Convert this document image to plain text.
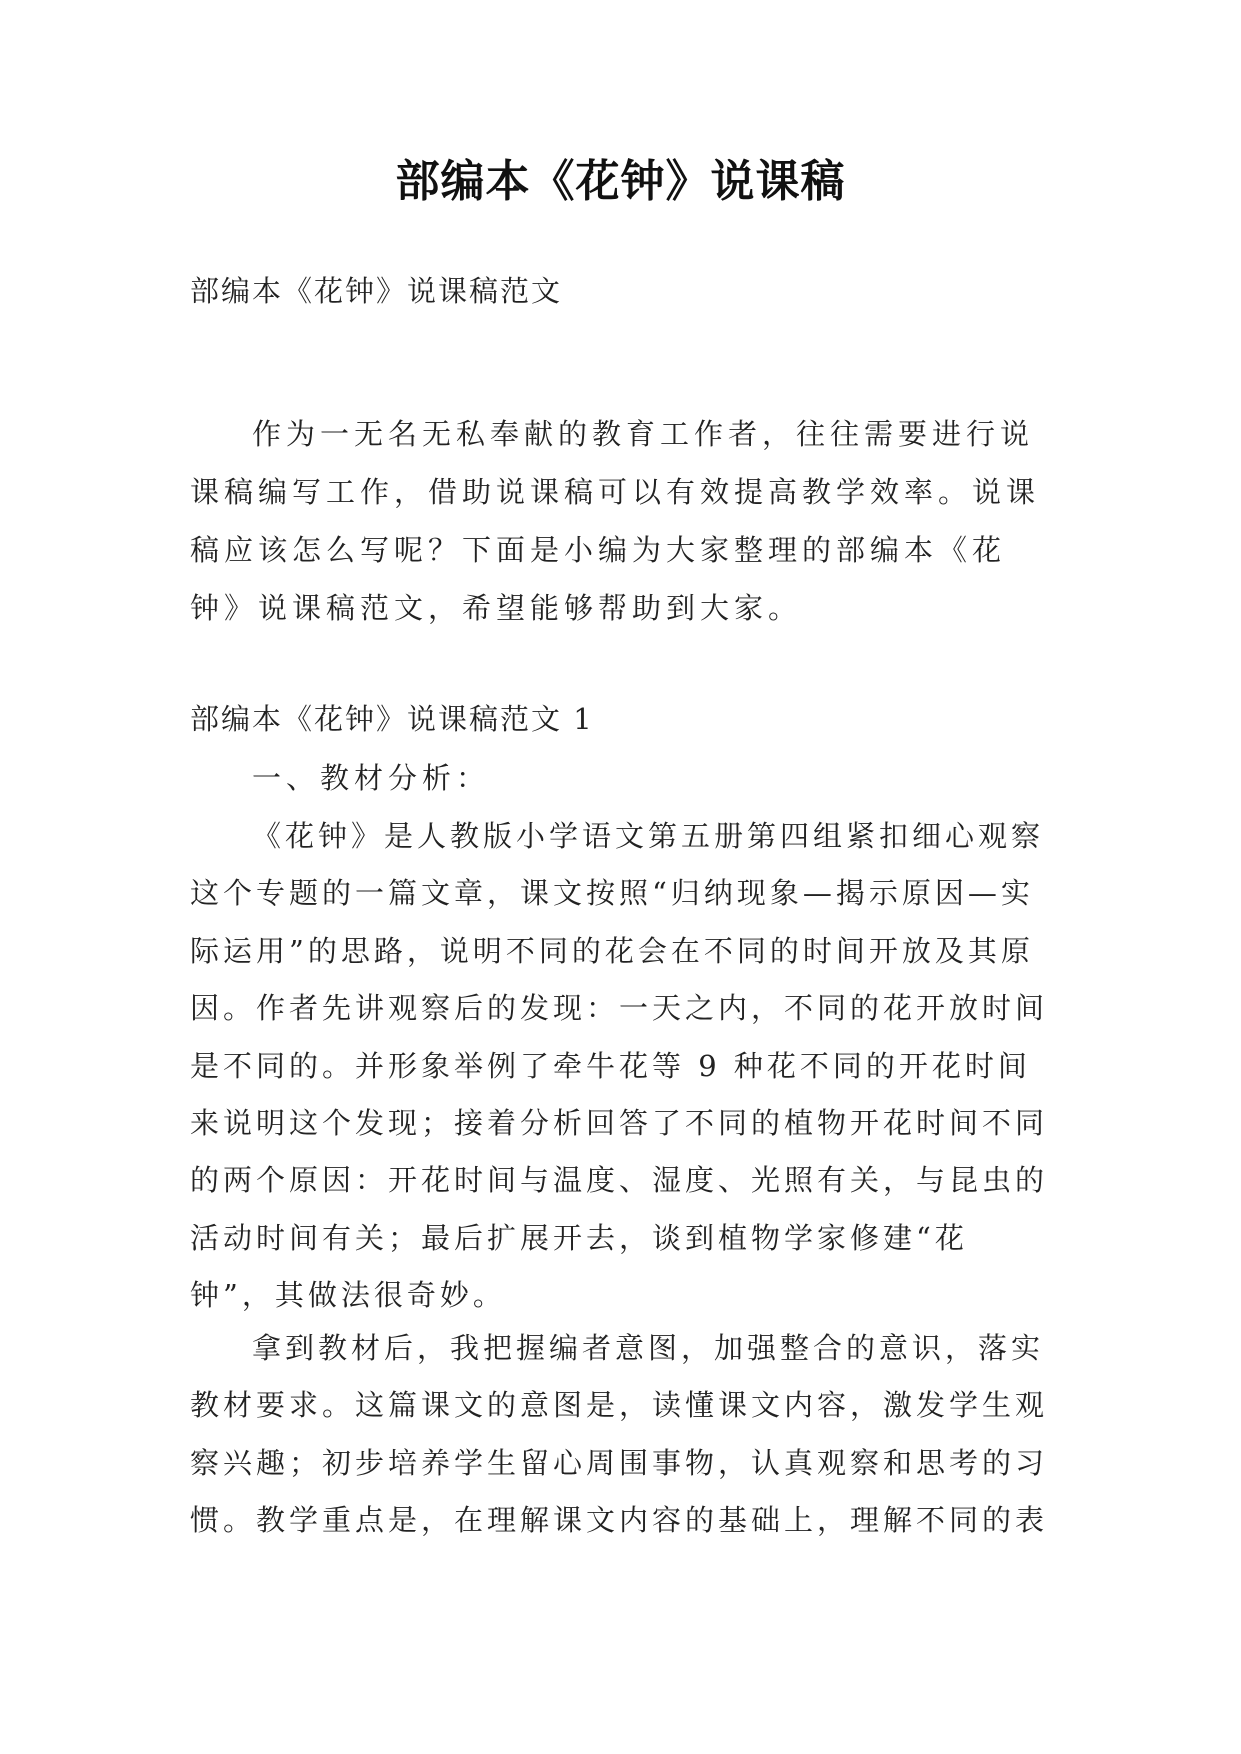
部编本《花钟》说课稿
部编本《花钟》说课稿范文
作为一无名无私奉献的教育工作者，往往需要进行说课稿编写工作，借助说课稿可以有效提高教学效率。说课稿应该怎么写呢？下面是小编为大家整理的部编本《花钟》说课稿范文，希望能够帮助到大家。
部编本《花钟》说课稿范文 1
一、教材分析：
《花钟》是人教版小学语文第五册第四组紧扣细心观察这个专题的一篇文章，课文按照“归纳现象—揭示原因—实际运用”的思路，说明不同的花会在不同的时间开放及其原因。作者先讲观察后的发现：一天之内，不同的花开放时间是不同的。并形象举例了牵牛花等 9 种花不同的开花时间来说明这个发现；接着分析回答了不同的植物开花时间不同的两个原因：开花时间与温度、湿度、光照有关，与昆虫的活动时间有关；最后扩展开去，谈到植物学家修建“花钟”，其做法很奇妙。
拿到教材后，我把握编者意图，加强整合的意识，落实教材要求。这篇课文的意图是，读懂课文内容，激发学生观察兴趣；初步培养学生留心周围事物，认真观察和思考的习惯。教学重点是，在理解课文内容的基础上，理解不同的表
